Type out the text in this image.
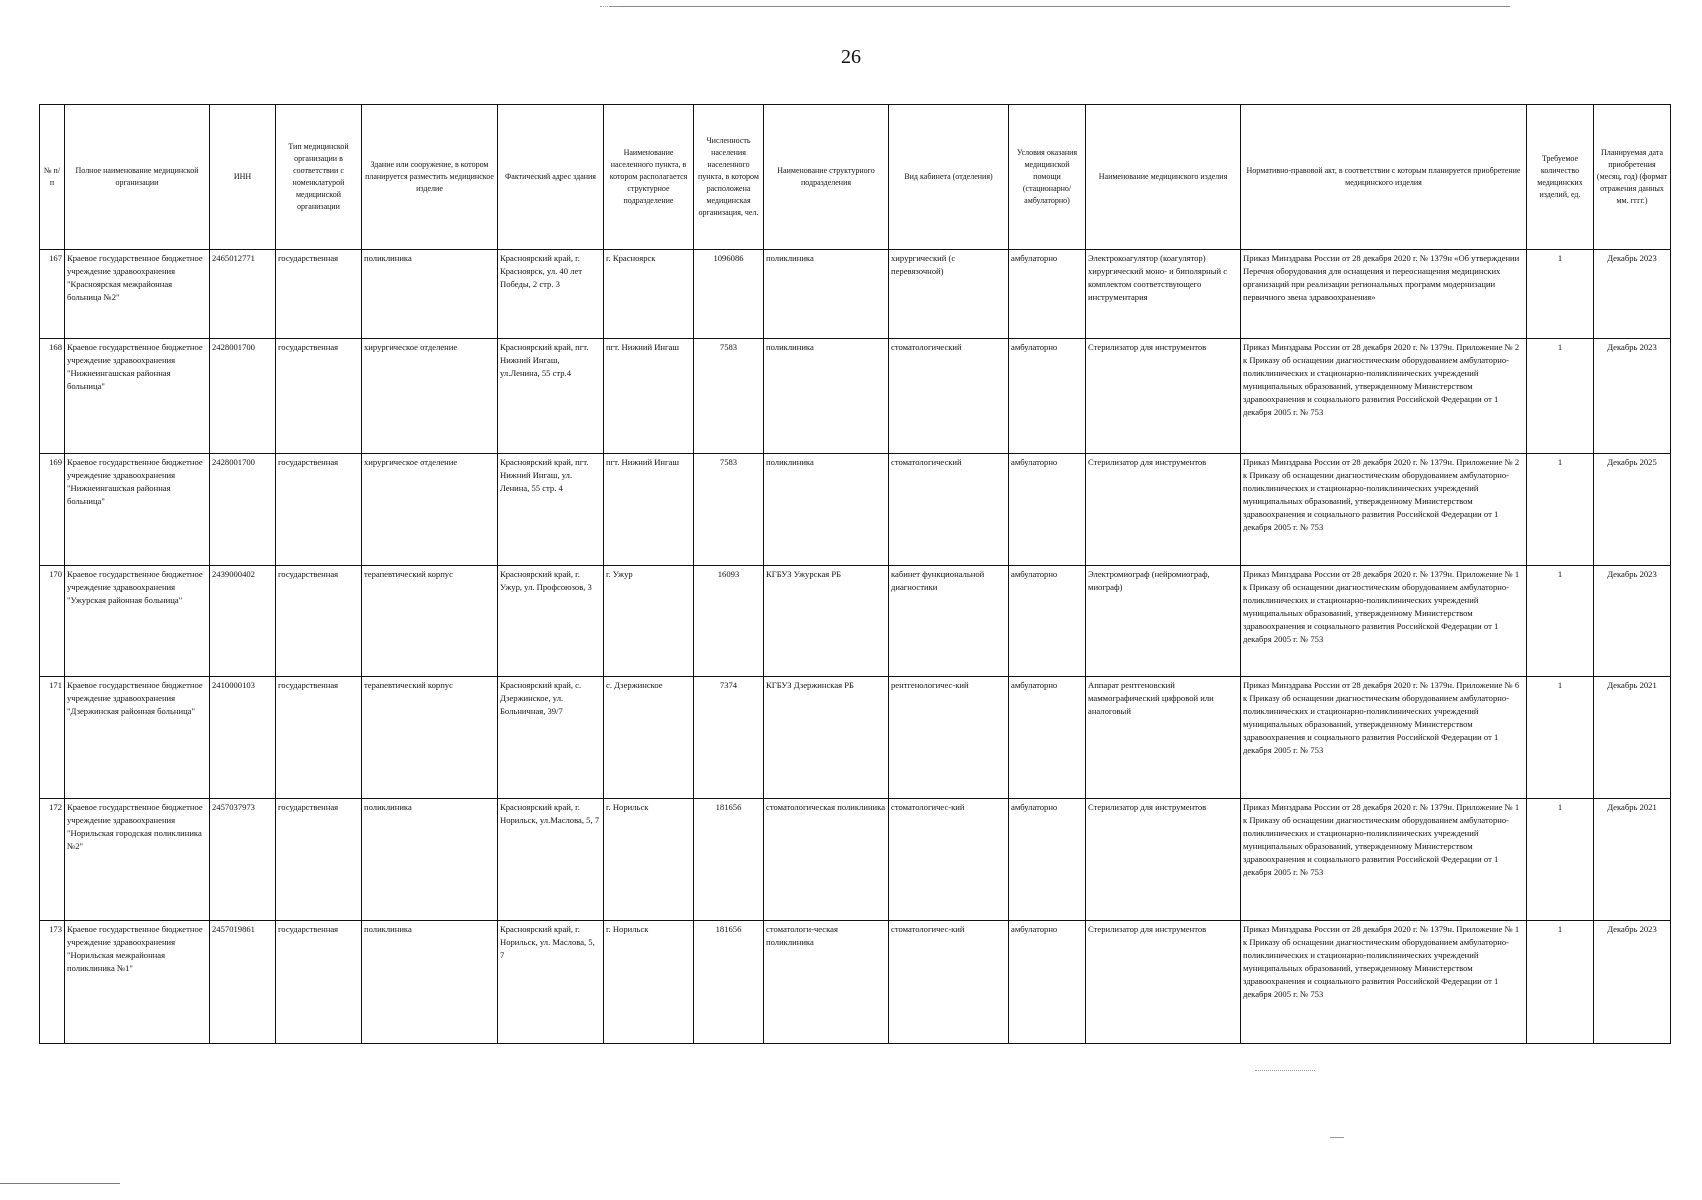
26
№ п/п	Полное наименование медицинской организации	ИНН	Тип медицинской организации в соответствии с номенклатурой медицинской организации	Здание или сооружение, в котором планируется разместить медицинское изделие	Фактический адрес здания	Наименование населенного пункта, в котором располагается структурное подразделение	Численность населения населенного пункта, в котором расположена медицинская организация, чел.	Наименование структурного подразделения	Вид кабинета (отделения)	Условия оказания медицинской помощи (стационарно/ амбулаторно)	Наименование медицинского изделия	Нормативно-правовой акт, в соответствии с которым планируется приобретение медицинского изделия	Требуемое количество медицинских изделий, ед.	Планируемая дата приобретения (месяц, год) (формат отражения данных мм. гггг.)
167	Краевое государственное бюджетное учреждение здравоохранения "Красноярская межрайонная больница №2"	2465012771	государственная	поликлиника	Красноярский край, г. Красноярск, ул. 40 лет Победы, 2 стр. 3	г. Красноярск	1096086	поликлиника	хирургический (с перевязочной)	амбулаторно	Электрокоагулятор (коагулятор) хирургический моно- и биполярный с комплектом соответствующего инструментария	Приказ Минздрава России от 28 декабря 2020 г. № 1379н «Об утверждении Перечня оборудования для оснащения и переоснащения медицинских организаций при реализации региональных программ модернизации первичного звена здравоохранения»	1	Декабрь 2023
168	Краевое государственное бюджетное учреждение здравоохранения "Нижнеингашская районная больница"	2428001700	государственная	хирургическое отделение	Красноярский край, пгт. Нижний Ингаш, ул.Ленина, 55 стр.4	пгт. Нижний Ингаш	7583	поликлиника	стоматологический	амбулаторно	Стерилизатор для инструментов	Приказ Минздрава России от 28 декабря 2020 г. № 1379н. Приложение № 2 к Приказу об оснащении диагностическим оборудованием амбулаторно-поликлинических и стационарно-поликлинических учреждений муниципальных образований, утвержденному Министерством здравоохранения и социального развития Российской Федерации от 1 декабря 2005 г. № 753	1	Декабрь 2023
169	Краевое государственное бюджетное учреждение здравоохранения "Нижнеингашская районная больница"	2428001700	государственная	хирургическое отделение	Красноярский край, пгт. Нижний Ингаш, ул. Ленина, 55 стр. 4	пгт. Нижний Ингаш	7583	поликлиника	стоматологический	амбулаторно	Стерилизатор для инструментов	Приказ Минздрава России от 28 декабря 2020 г. № 1379н. Приложение № 2 к Приказу об оснащении диагностическим оборудованием амбулаторно-поликлинических и стационарно-поликлинических учреждений муниципальных образований, утвержденному Министерством здравоохранения и социального развития Российской Федерации от 1 декабря 2005 г. № 753	1	Декабрь 2025
170	Краевое государственное бюджетное учреждение здравоохранения "Ужурская районная больница"	2439000402	государственная	терапевтический корпус	Красноярский край, г. Ужур, ул. Профсоюзов, 3	г. Ужур	16093	КГБУЗ Ужурская РБ	кабинет функциональной диагностики	амбулаторно	Электромиограф (нейромиограф, миограф)	Приказ Минздрава России от 28 декабря 2020 г. № 1379н. Приложение № 1 к Приказу об оснащении диагностическим оборудованием амбулаторно-поликлинических и стационарно-поликлинических учреждений муниципальных образований, утвержденному Министерством здравоохранения и социального развития Российской Федерации от 1 декабря 2005 г. № 753	1	Декабрь 2023
171	Краевое государственное бюджетное учреждение здравоохранения "Дзержинская районная больница"	2410000103	государственная	терапевтический корпус	Красноярский край, с. Дзержинское, ул. Больничная, 39/7	с. Дзержинское	7374	КГБУЗ Дзержинская РБ	рентгенологичес-кий	амбулаторно	Аппарат рентгеновский маммографический цифровой или аналоговый	Приказ Минздрава России от 28 декабря 2020 г. № 1379н. Приложение № 6 к Приказу об оснащении диагностическим оборудованием амбулаторно-поликлинических и стационарно-поликлинических учреждений муниципальных образований, утвержденному Министерством здравоохранения и социального развития Российской Федерации от 1 декабря 2005 г. № 753	1	Декабрь 2021
172	Краевое государственное бюджетное учреждение здравоохранения "Норильская городская поликлиника №2"	2457037973	государственная	поликлиника	Красноярский край, г. Норильск, ул.Маслова, 5, 7	г. Норильск	181656	стоматологическая поликлиника	стоматологичес-кий	амбулаторно	Стерилизатор для инструментов	Приказ Минздрава России от 28 декабря 2020 г. № 1379н. Приложение № 1 к Приказу об оснащении диагностическим оборудованием амбулаторно-поликлинических и стационарно-поликлинических учреждений муниципальных образований, утвержденному Министерством здравоохранения и социального развития Российской Федерации от 1 декабря 2005 г. № 753	1	Декабрь 2021
173	Краевое государственное бюджетное учреждение здравоохранения "Норильская межрайонная поликлиника №1"	2457019861	государственная	поликлиника	Красноярский край, г. Норильск, ул. Маслова, 5, 7	г. Норильск	181656	стоматологи-ческая поликлиника	стоматологичес-кий	амбулаторно	Стерилизатор для инструментов	Приказ Минздрава России от 28 декабря 2020 г. № 1379н. Приложение № 1 к Приказу об оснащении диагностическим оборудованием амбулаторно-поликлинических и стационарно-поликлинических учреждений муниципальных образований, утвержденному Министерством здравоохранения и социального развития Российской Федерации от 1 декабря 2005 г. № 753	1	Декабрь 2023
